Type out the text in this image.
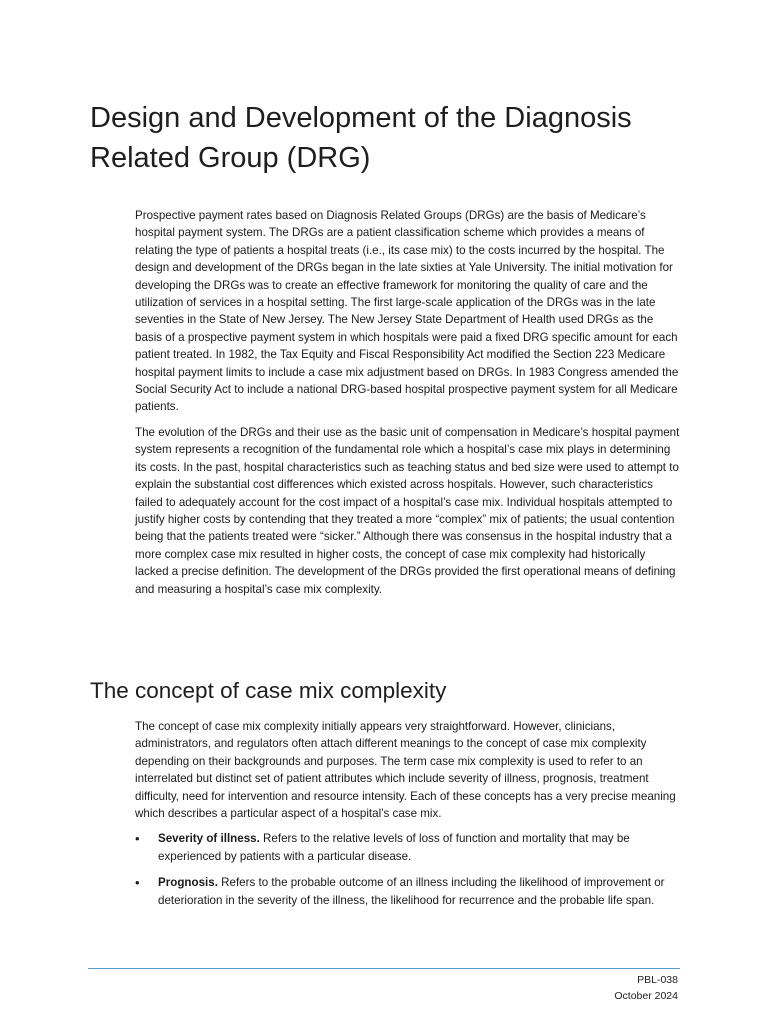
Design and Development of the Diagnosis Related Group (DRG)

Prospective payment rates based on Diagnosis Related Groups (DRGs) are the basis of Medicare’s hospital payment system. The DRGs are a patient classification scheme which provides a means of relating the type of patients a hospital treats (i.e., its case mix) to the costs incurred by the hospital. The design and development of the DRGs began in the late sixties at Yale University. The initial motivation for developing the DRGs was to create an effective framework for monitoring the quality of care and the utilization of services in a hospital setting. The first large-scale application of the DRGs was in the late seventies in the State of New Jersey. The New Jersey State Department of Health used DRGs as the basis of a prospective payment system in which hospitals were paid a fixed DRG specific amount for each patient treated. In 1982, the Tax Equity and Fiscal Responsibility Act modified the Section 223 Medicare hospital payment limits to include a case mix adjustment based on DRGs. In 1983 Congress amended the Social Security Act to include a national DRG-based hospital prospective payment system for all Medicare patients.

The evolution of the DRGs and their use as the basic unit of compensation in Medicare’s hospital payment system represents a recognition of the fundamental role which a hospital’s case mix plays in determining its costs. In the past, hospital characteristics such as teaching status and bed size were used to attempt to explain the substantial cost differences which existed across hospitals. However, such characteristics failed to adequately account for the cost impact of a hospital’s case mix. Individual hospitals attempted to justify higher costs by contending that they treated a more “complex” mix of patients; the usual contention being that the patients treated were “sicker.” Although there was consensus in the hospital industry that a more complex case mix resulted in higher costs, the concept of case mix complexity had historically lacked a precise definition. The development of the DRGs provided the first operational means of defining and measuring a hospital’s case mix complexity.

The concept of case mix complexity

The concept of case mix complexity initially appears very straightforward. However, clinicians, administrators, and regulators often attach different meanings to the concept of case mix complexity depending on their backgrounds and purposes. The term case mix complexity is used to refer to an interrelated but distinct set of patient attributes which include severity of illness, prognosis, treatment difficulty, need for intervention and resource intensity. Each of these concepts has a very precise meaning which describes a particular aspect of a hospital’s case mix.

• Severity of illness. Refers to the relative levels of loss of function and mortality that may be experienced by patients with a particular disease.
• Prognosis. Refers to the probable outcome of an illness including the likelihood of improvement or deterioration in the severity of the illness, the likelihood for recurrence and the probable life span.
PBL-038
October 2024
